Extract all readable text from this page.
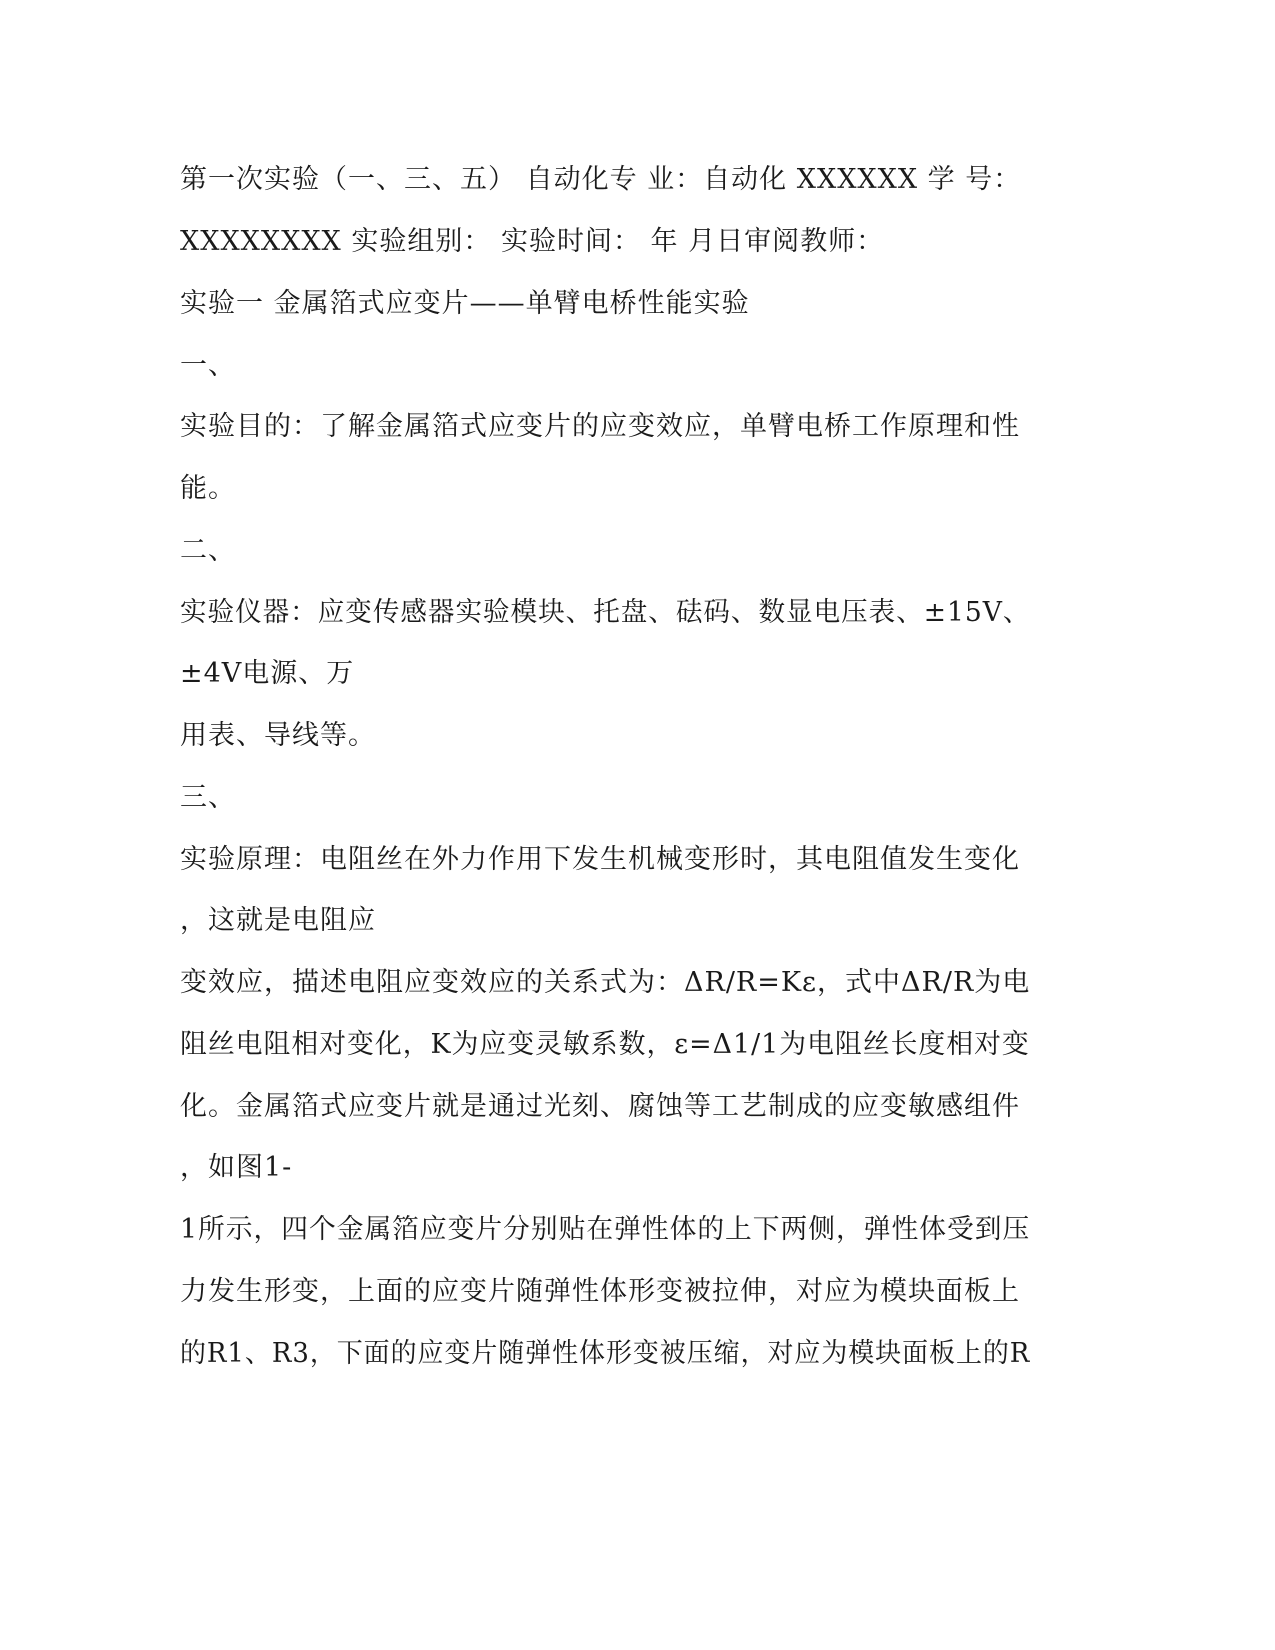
第一次实验（一、三、五） 自动化专 业：自动化 XXXXXX 学 号：
XXXXXXXX 实验组别： 实验时间： 年 月日审阅教师：
实验一 金属箔式应变片——单臂电桥性能实验
一、
实验目的：了解金属箔式应变片的应变效应，单臂电桥工作原理和性
能。
二、
实验仪器：应变传感器实验模块、托盘、砝码、数显电压表、±15V、
±4V电源、万
用表、导线等。
三、
实验原理：电阻丝在外力作用下发生机械变形时，其电阻值发生变化
，这就是电阻应
变效应，描述电阻应变效应的关系式为：ΔR/R=Kε，式中ΔR/R为电
阻丝电阻相对变化，K为应变灵敏系数，ε=Δ1/1为电阻丝长度相对变
化。金属箔式应变片就是通过光刻、腐蚀等工艺制成的应变敏感组件
，如图1-
1所示，四个金属箔应变片分别贴在弹性体的上下两侧，弹性体受到压
力发生形变，上面的应变片随弹性体形变被拉伸，对应为模块面板上
的R1、R3，下面的应变片随弹性体形变被压缩，对应为模块面板上的R
